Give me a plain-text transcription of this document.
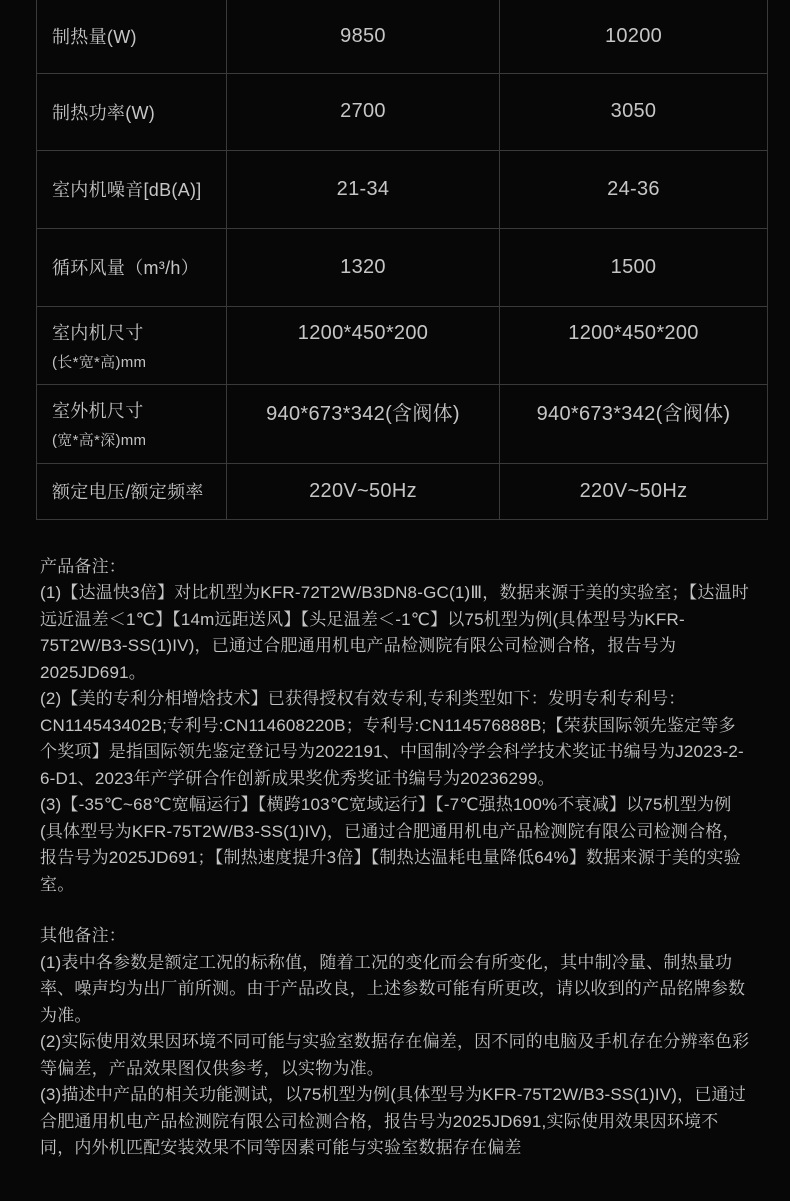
制热量(W)	9850	10200
制热功率(W)	2700	3050
室内机噪音[dB(A)]	21-34	24-36
循环风量（m³/h）	1320	1500

室内机尺寸
(长*宽*高)mm	1200*450*200	1200*450*200

室外机尺寸
(宽*高*深)mm	940*673*342(含阀体)	940*673*342(含阀体)
额定电压/额定频率	220V~50Hz	220V~50Hz

产品备注：

(1)【达温快3倍】对比机型为KFR-72T2W/B3DN8-GC(1)Ⅲ，数据来源于美的实验室；【达温时远近温差＜1℃】【14m远距送风】【头足温差＜-1℃】以75机型为例(具体型号为KFR-75T2W/B3-SS(1)IV)，已通过合肥通用机电产品检测院有限公司检测合格，报告号为2025JD691。

(2)【美的专利分相增焓技术】已获得授权有效专利,专利类型如下：发明专利专利号：CN114543402B;专利号:CN114608220B；专利号:CN114576888B;【荣获国际领先鉴定等多个奖项】是指国际领先鉴定登记号为2022191、中国制冷学会科学技术奖证书编号为J2023-2-6-D1、2023年产学研合作创新成果奖优秀奖证书编号为20236299。

(3)【-35℃~68℃宽幅运行】【横跨103℃宽域运行】【-7℃强热100%不衰减】以75机型为例(具体型号为KFR-75T2W/B3-SS(1)IV)，已通过合肥通用机电产品检测院有限公司检测合格，报告号为2025JD691；【制热速度提升3倍】【制热达温耗电量降低64%】数据来源于美的实验室。

其他备注：

(1)表中各参数是额定工况的标称值，随着工况的变化而会有所变化，其中制冷量、制热量功率、噪声均为出厂前所测。由于产品改良，上述参数可能有所更改，请以收到的产品铭牌参数为准。

(2)实际使用效果因环境不同可能与实验室数据存在偏差，因不同的电脑及手机存在分辨率色彩等偏差，产品效果图仅供参考，以实物为准。

(3)描述中产品的相关功能测试，以75机型为例(具体型号为KFR-75T2W/B3-SS(1)IV)，已通过合肥通用机电产品检测院有限公司检测合格，报告号为2025JD691,实际使用效果因环境不同，内外机匹配安装效果不同等因素可能与实验室数据存在偏差
